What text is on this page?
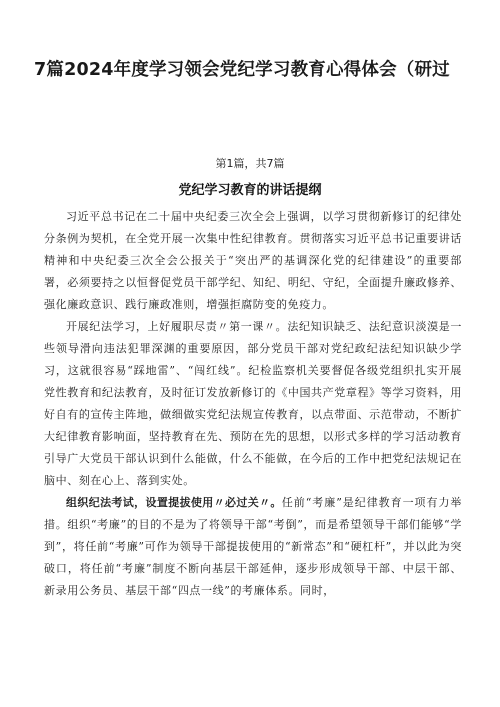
7篇2024年度学习领会党纪学习教育心得体会（研过
第1篇，共7篇
党纪学习教育的讲话提纲

习近平总书记在二十届中央纪委三次全会上强调，以学习贯彻新修订的纪律处分条例为契机，在全党开展一次集中性纪律教育。贯彻落实习近平总书记重要讲话精神和中央纪委三次全会公报关于“突出严的基调深化党的纪律建设”的重要部署，必须要持之以恒督促党员干部学纪、知纪、明纪、守纪，全面提升廉政修养、强化廉政意识、践行廉政准则，增强拒腐防变的免疫力。

开展纪法学习，上好履职尽责〃第一课〃。法纪知识缺乏、法纪意识淡漠是一些领导滑向违法犯罪深渊的重要原因，部分党员干部对党纪政纪法纪知识缺少学习，这就很容易“踩地雷”、“闯红线”。纪检监察机关要督促各级党组织扎实开展党性教育和纪法教育，及时征订发放新修订的《中国共产党章程》等学习资料，用好自有的宣传主阵地，做细做实党纪法规宣传教育，以点带面、示范带动，不断扩大纪律教育影响面，坚持教育在先、预防在先的思想，以形式多样的学习活动教育引导广大党员干部认识到什么能做，什么不能做，在今后的工作中把党纪法规记在脑中、刻在心上、落到实处。

组织纪法考试，设置提拔使用〃必过关〃。任前“考廉”是纪律教育一项有力举措。组织“考廉”的目的不是为了将领导干部“考倒”，而是希望领导干部们能够“学到”，将任前“考廉”可作为领导干部提拔使用的“新常态”和“硬杠杆”，并以此为突破口，将任前“考廉”制度不断向基层干部延伸，逐步形成领导干部、中层干部、新录用公务员、基层干部“四点一线”的考廉体系。同时，
